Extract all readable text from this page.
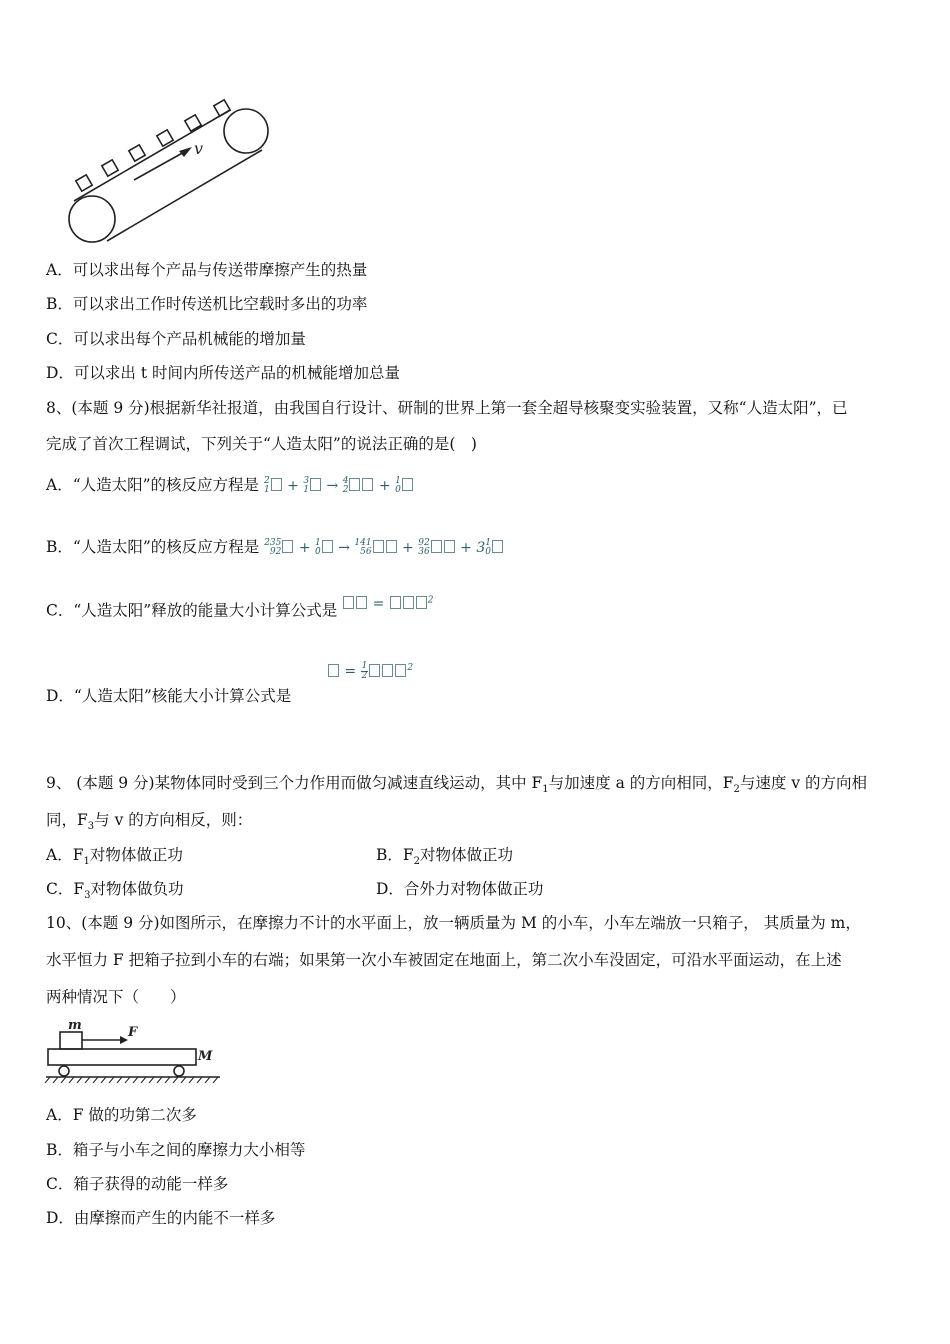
v
A．可以求出每个产品与传送带摩擦产生的热量
B．可以求出工作时传送机比空载时多出的功率
C．可以求出每个产品机械能的增加量
D．可以求出 t 时间内所传送产品的机械能增加总量
8、(本题 9 分)根据新华社报道，由我国自行设计、研制的世界上第一套全超导核聚变实验装置，又称“人造太阳”，已
完成了首次工程调试，下列关于“人造太阳”的说法正确的是(　)
A．“人造太阳”的核反应方程是 2
1 + 3
1 → 4
2 + 1
0
B．“人造太阳”的核反应方程是 235
92 + 1
0 → 141
56 + 92
36 + 3 1
0
C．“人造太阳”释放的能量大小计算公式是  =	$^2$
= $\frac{1}{2}$	$^2$
D．“人造太阳”核能大小计算公式是
9、 (本题 9 分)某物体同时受到三个力作用而做匀减速直线运动，其中 $F_1$与加速度 a 的方向相同，$F_2$与速度 v 的方向相
同，$F_3$与 v 的方向相反，则：
A．$F_1$对物体做正功	B．$F_2$对物体做正功
C．$F_3$对物体做负功	D．合外力对物体做正功
10、(本题 9 分)如图所示，在摩擦力不计的水平面上，放一辆质量为 M 的小车，小车左端放一只箱子， 其质量为 m，
水平恒力 F 把箱子拉到小车的右端；如果第一次小车被固定在地面上，第二次小车没固定，可沿水平面运动，在上述
两种情况下（　　）
m	F
M
A．F 做的功第二次多
B．箱子与小车之间的摩擦力大小相等
C．箱子获得的动能一样多
D．由摩擦而产生的内能不一样多
